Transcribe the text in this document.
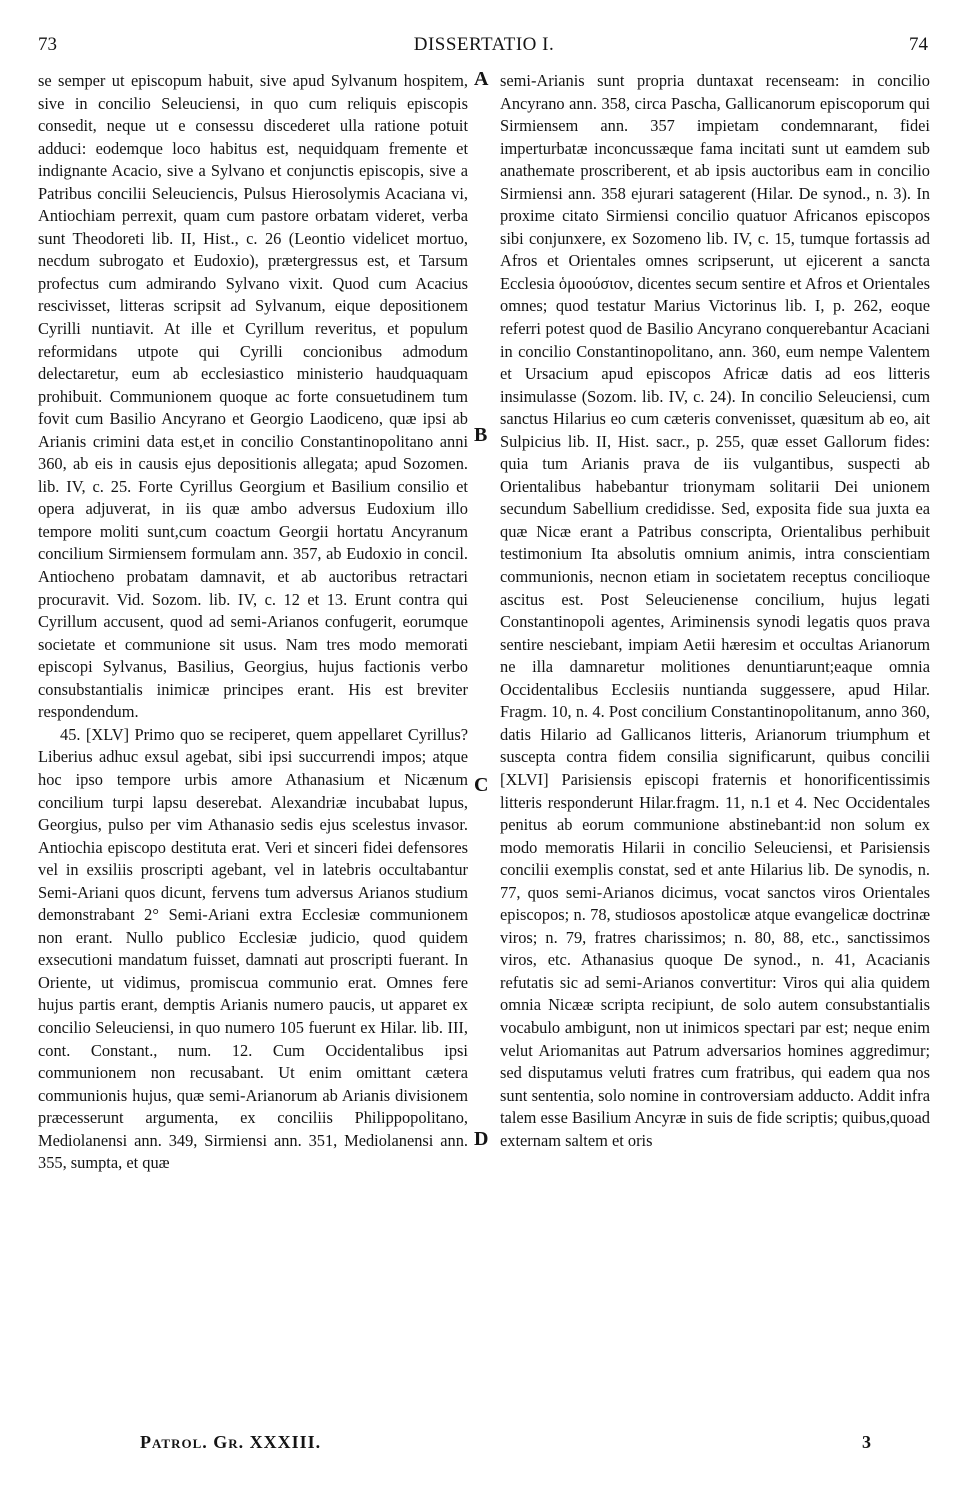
73	DISSERTATIO I.	74

se semper ut episcopum habuit, sive apud Sylvanum hospitem, sive in concilio Seleuciensi, in quo cum reliquis episcopis consedit, neque ut e consessu discederet ulla ratione potuit adduci: eodemque loco habitus est, nequidquam fremente et indignante Acacio, sive a Sylvano et conjunctis episcopis, sive a Patribus concilii Seleuciencis, Pulsus Hierosolymis Acaciana vi, Antiochiam perrexit, quam cum pastore orbatam videret, verba sunt Theodoreti lib. II, Hist., c. 26 (Leontio videlicet mortuo, necdum subrogato et Eudoxio), prætergressus est, et Tarsum profectus cum admirando Sylvano vixit. Quod cum Acacius rescivisset, litteras scripsit ad Sylvanum, eique depositionem Cyrilli nuntiavit. At ille et Cyrillum reveritus, et populum reformidans utpote qui Cyrilli concionibus admodum delectaretur, eum ab ecclesiastico ministerio haudquaquam prohibuit. Communionem quoque ac forte consuetudinem tum fovit cum Basilio Ancyrano et Georgio Laodiceno, quæ ipsi ab Arianis crimini data est,et in concilio Constantinopolitano anni 360, ab eis in causis ejus depositionis allegata; apud Sozomen. lib. IV, c. 25. Forte Cyrillus Georgium et Basilium consilio et opera adjuverat, in iis quæ ambo adversus Eudoxium illo tempore moliti sunt,cum coactum Georgii hortatu Ancyranum concilium Sirmiensem formulam ann. 357, ab Eudoxio in concil. Antiocheno probatam damnavit, et ab auctoribus retractari procuravit. Vid. Sozom. lib. IV, c. 12 et 13. Erunt contra qui Cyrillum accusent, quod ad semi-Arianos confugerit, eorumque societate et communione sit usus. Nam tres modo memorati episcopi Sylvanus, Basilius, Georgius, hujus factionis verbo consubstantialis inimicæ principes erant. His est breviter respondendum.

45. [XLV] Primo quo se reciperet, quem appellaret Cyrillus? Liberius adhuc exsul agebat, sibi ipsi succurrendi impos; atque hoc ipso tempore urbis amore Athanasium et Nicænum concilium turpi lapsu deserebat. Alexandriæ incubabat lupus, Georgius, pulso per vim Athanasio sedis ejus scelestus invasor. Antiochia episcopo destituta erat. Veri et sinceri fidei defensores vel in exsiliis proscripti agebant, vel in latebris occultabantur Semi-Ariani quos dicunt, fervens tum adversus Arianos studium demonstrabant 2° Semi-Ariani extra Ecclesiæ communionem non erant. Nullo publico Ecclesiæ judicio, quod quidem exsecutioni mandatum fuisset, damnati aut proscripti fuerant. In Oriente, ut vidimus, promiscua communio erat. Omnes fere hujus partis erant, demptis Arianis numero paucis, ut apparet ex concilio Seleuciensi, in quo numero 105 fuerunt ex Hilar. lib. III, cont. Constant., num. 12. Cum Occidentalibus ipsi communionem non recusabant. Ut enim omittant cætera communionis hujus, quæ semi-Arianorum ab Arianis divisionem præcesserunt argumenta, ex conciliis Philippopolitano, Mediolanensi ann. 349, Sirmiensi ann. 351, Mediolanensi ann. 355, sumpta, et quæ

A
B
C
D

semi-Arianis sunt propria duntaxat recenseam: in concilio Ancyrano ann. 358, circa Pascha, Gallicanorum episcoporum qui Sirmiensem ann. 357 impietam condemnarant, fidei imperturbatæ inconcussæque fama incitati sunt ut eamdem sub anathemate proscriberent, et ab ipsis auctoribus eam in concilio Sirmiensi ann. 358 ejurari satagerent (Hilar. De synod., n. 3). In proxime citato Sirmiensi concilio quatuor Africanos episcopos sibi conjunxere, ex Sozomeno lib. IV, c. 15, tumque fortassis ad Afros et Orientales omnes scripserunt, ut ejicerent a sancta Ecclesia ὁμοούσιον, dicentes secum sentire et Afros et Orientales omnes; quod testatur Marius Victorinus lib. I, p. 262, eoque referri potest quod de Basilio Ancyrano conquerebantur Acaciani in concilio Constantinopolitano, ann. 360, eum nempe Valentem et Ursacium apud episcopos Africæ datis ad eos litteris insimulasse (Sozom. lib. IV, c. 24). In concilio Seleuciensi, cum sanctus Hilarius eo cum cæteris convenisset, quæsitum ab eo, ait Sulpicius lib. II, Hist. sacr., p. 255, quæ esset Gallorum fides: quia tum Arianis prava de iis vulgantibus, suspecti ab Orientalibus habebantur trionymam solitarii Dei unionem secundum Sabellium credidisse. Sed, exposita fide sua juxta ea quæ Nicæ erant a Patribus conscripta, Orientalibus perhibuit testimonium Ita absolutis omnium animis, intra conscientiam communionis, necnon etiam in societatem receptus concilioque ascitus est. Post Seleucienense concilium, hujus legati Constantinopoli agentes, Ariminensis synodi legatis quos prava sentire nesciebant, impiam Aetii hæresim et occultas Arianorum ne illa damnaretur molitiones denuntiarunt;eaque omnia Occidentalibus Ecclesiis nuntianda suggessere, apud Hilar. Fragm. 10, n. 4. Post concilium Constantinopolitanum, anno 360, datis Hilario ad Gallicanos litteris, Arianorum triumphum et suscepta contra fidem consilia significarunt, quibus concilii [XLVI] Parisiensis episcopi fraternis et honorificentissimis litteris responderunt Hilar.fragm. 11, n.1 et 4. Nec Occidentales penitus ab eorum communione abstinebant:id non solum ex modo memoratis Hilarii in concilio Seleuciensi, et Parisiensis concilii exemplis constat, sed et ante Hilarius lib. De synodis, n. 77, quos semi-Arianos dicimus, vocat sanctos viros Orientales episcopos; n. 78, studiosos apostolicæ atque evangelicæ doctrinæ viros; n. 79, fratres charissimos; n. 80, 88, etc., sanctissimos viros, etc. Athanasius quoque De synod., n. 41, Acacianis refutatis sic ad semi-Arianos convertitur: Viros qui alia quidem omnia Nicææ scripta recipiunt, de solo autem consubstantialis vocabulo ambigunt, non ut inimicos spectari par est; neque enim velut Ariomanitas aut Patrum adversarios homines aggredimur; sed disputamus veluti fratres cum fratribus, qui eadem qua nos sunt sententia, solo nomine in controversiam adducto. Addit infra talem esse Basilium Ancyræ in suis de fide scriptis; quibus,quoad externam saltem et oris

Patrol. Gr. XXXIII.	3
